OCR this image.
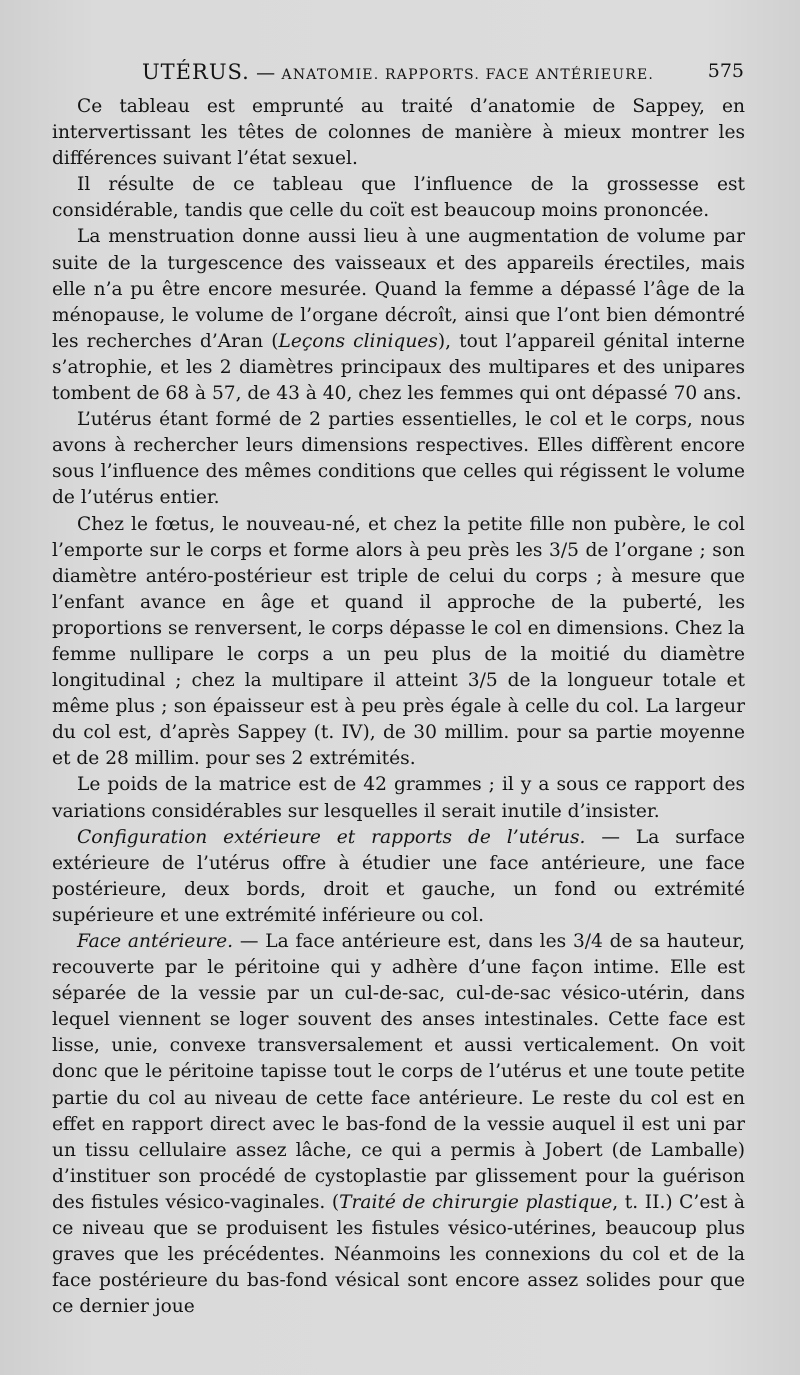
UTÉRUS. — ANATOMIE. RAPPORTS. FACE ANTÉRIEURE.	575

Ce tableau est emprunté au traité d’anatomie de Sappey, en intervertissant les têtes de colonnes de manière à mieux montrer les différences suivant l’état sexuel.

Il résulte de ce tableau que l’influence de la grossesse est considérable, tandis que celle du coït est beaucoup moins prononcée.

La menstruation donne aussi lieu à une augmentation de volume par suite de la turgescence des vaisseaux et des appareils érectiles, mais elle n’a pu être encore mesurée. Quand la femme a dépassé l’âge de la ménopause, le volume de l’organe décroît, ainsi que l’ont bien démontré les recherches d’Aran (Leçons cliniques), tout l’appareil génital interne s’atrophie, et les 2 diamètres principaux des multipares et des unipares tombent de 68 à 57, de 43 à 40, chez les femmes qui ont dépassé 70 ans.

L’utérus étant formé de 2 parties essentielles, le col et le corps, nous avons à rechercher leurs dimensions respectives. Elles diffèrent encore sous l’influence des mêmes conditions que celles qui régissent le volume de l’utérus entier.

Chez le fœtus, le nouveau-né, et chez la petite fille non pubère, le col l’emporte sur le corps et forme alors à peu près les 3/5 de l’organe ; son diamètre antéro-postérieur est triple de celui du corps ; à mesure que l’enfant avance en âge et quand il approche de la puberté, les proportions se renversent, le corps dépasse le col en dimensions. Chez la femme nullipare le corps a un peu plus de la moitié du diamètre longitudinal ; chez la multipare il atteint 3/5 de la longueur totale et même plus ; son épaisseur est à peu près égale à celle du col. La largeur du col est, d’après Sappey (t. IV), de 30 millim. pour sa partie moyenne et de 28 millim. pour ses 2 extrémités.

Le poids de la matrice est de 42 grammes ; il y a sous ce rapport des variations considérables sur lesquelles il serait inutile d’insister.

Configuration extérieure et rapports de l’utérus. — La surface extérieure de l’utérus offre à étudier une face antérieure, une face postérieure, deux bords, droit et gauche, un fond ou extrémité supérieure et une extrémité inférieure ou col.

Face antérieure. — La face antérieure est, dans les 3/4 de sa hauteur, recouverte par le péritoine qui y adhère d’une façon intime. Elle est séparée de la vessie par un cul-de-sac, cul-de-sac vésico-utérin, dans lequel viennent se loger souvent des anses intestinales. Cette face est lisse, unie, convexe transversalement et aussi verticalement. On voit donc que le péritoine tapisse tout le corps de l’utérus et une toute petite partie du col au niveau de cette face antérieure. Le reste du col est en effet en rapport direct avec le bas-fond de la vessie auquel il est uni par un tissu cellulaire assez lâche, ce qui a permis à Jobert (de Lamballe) d’instituer son procédé de cystoplastie par glissement pour la guérison des fistules vésico-vaginales. (Traité de chirurgie plastique, t. II.) C’est à ce niveau que se produisent les fistules vésico-utérines, beaucoup plus graves que les précédentes. Néanmoins les connexions du col et de la face postérieure du bas-fond vésical sont encore assez solides pour que ce dernier joue
